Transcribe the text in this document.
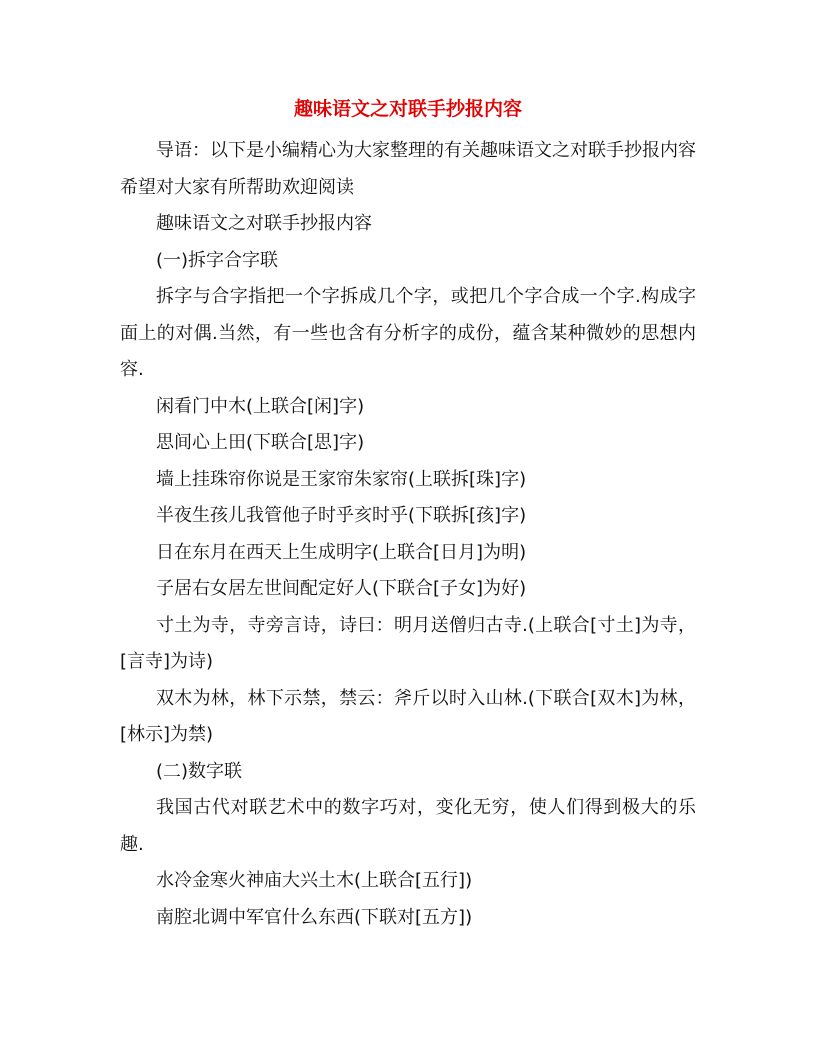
趣味语文之对联手抄报内容

导语：以下是小编精心为大家整理的有关趣味语文之对联手抄报内容希望对大家有所帮助欢迎阅读

趣味语文之对联手抄报内容

(一)拆字合字联

拆字与合字指把一个字拆成几个字，或把几个字合成一个字.构成字面上的对偶.当然，有一些也含有分析字的成份，蕴含某种微妙的思想内容.

闲看门中木(上联合[闲]字)

思间心上田(下联合[思]字)

墙上挂珠帘你说是王家帘朱家帘(上联拆[珠]字)

半夜生孩儿我管他子时乎亥时乎(下联拆[孩]字)

日在东月在西天上生成明字(上联合[日月]为明)

子居右女居左世间配定好人(下联合[子女]为好)

寸土为寺，寺旁言诗，诗曰：明月送僧归古寺.(上联合[寸土]为寺，[言寺]为诗)

双木为林，林下示禁，禁云：斧斤以时入山林.(下联合[双木]为林，[林示]为禁)

(二)数字联

我国古代对联艺术中的数字巧对，变化无穷，使人们得到极大的乐趣.

水冷金寒火神庙大兴土木(上联合[五行])

南腔北调中军官什么东西(下联对[五方])
